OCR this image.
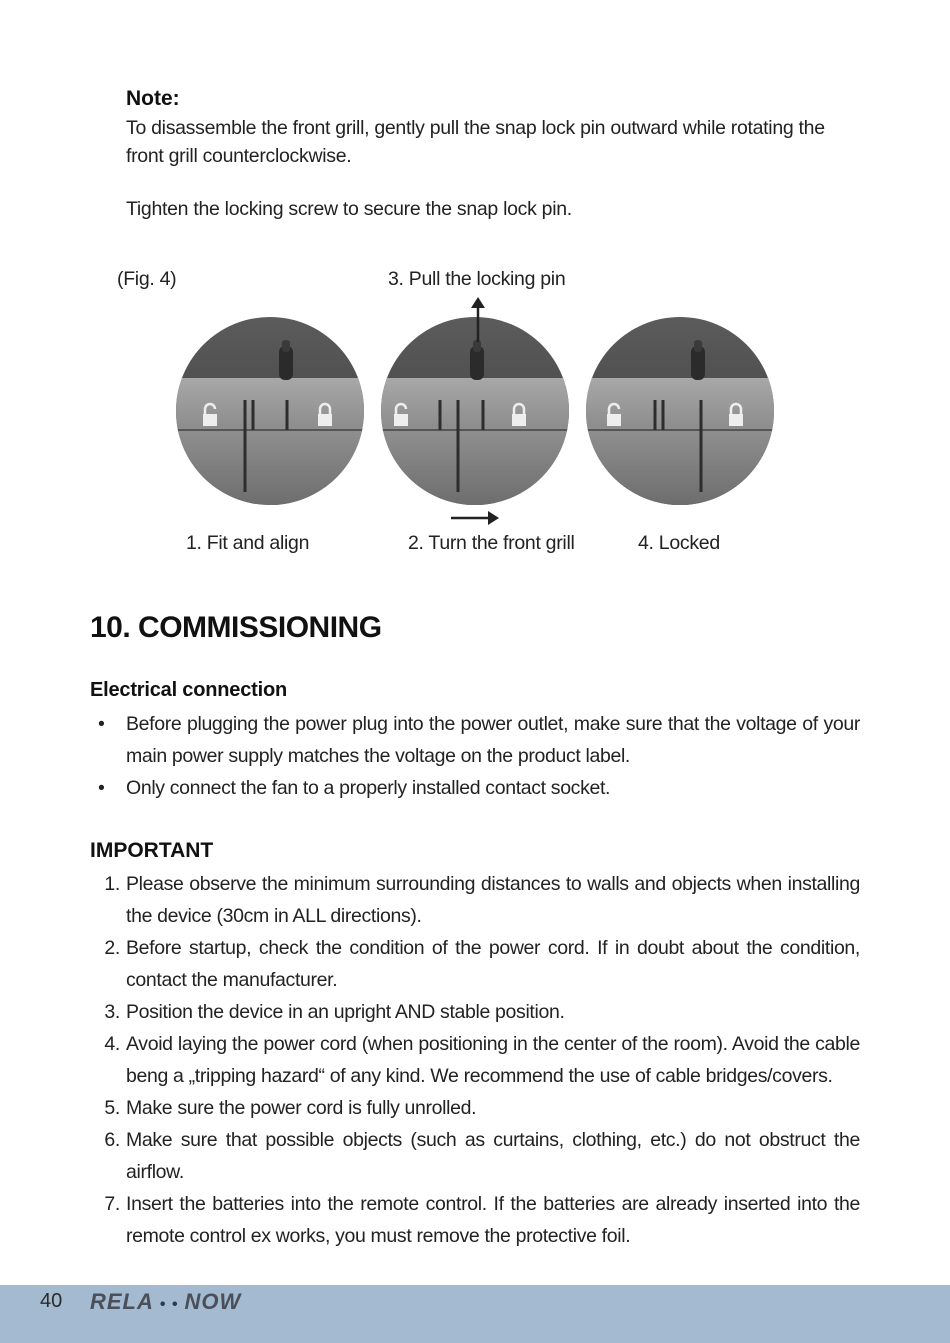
Note:
To disassemble the front grill, gently pull the snap lock pin outward while rotating the front grill counterclockwise.
Tighten the locking screw to secure the snap lock pin.
(Fig. 4)	3. Pull the locking pin
1. Fit and align	2. Turn the front grill	4. Locked
10. COMMISSIONING
Electrical connection
• Before plugging the power plug into the power outlet, make sure that the voltage of your main power supply matches the voltage on the product label.
• Only connect the fan to a properly installed contact socket.
IMPORTANT
1. Please observe the minimum surrounding distances to walls and objects when installing the device (30cm in ALL directions).
2. Before startup, check the condition of the power cord. If in doubt about the condition, contact the manufacturer.
3. Position the device in an upright AND stable position.
4. Avoid laying the power cord (when positioning in the center of the room). Avoid the cable beng a „tripping hazard“ of any kind. We recommend the use of cable bridges/covers.
5. Make sure the power cord is fully unrolled.
6. Make sure that possible objects (such as curtains, clothing, etc.) do not obstruct the airflow.
7. Insert the batteries into the remote control. If the batteries are already inserted into the remote control ex works, you must remove the protective foil.
40 RELA • • NOW
